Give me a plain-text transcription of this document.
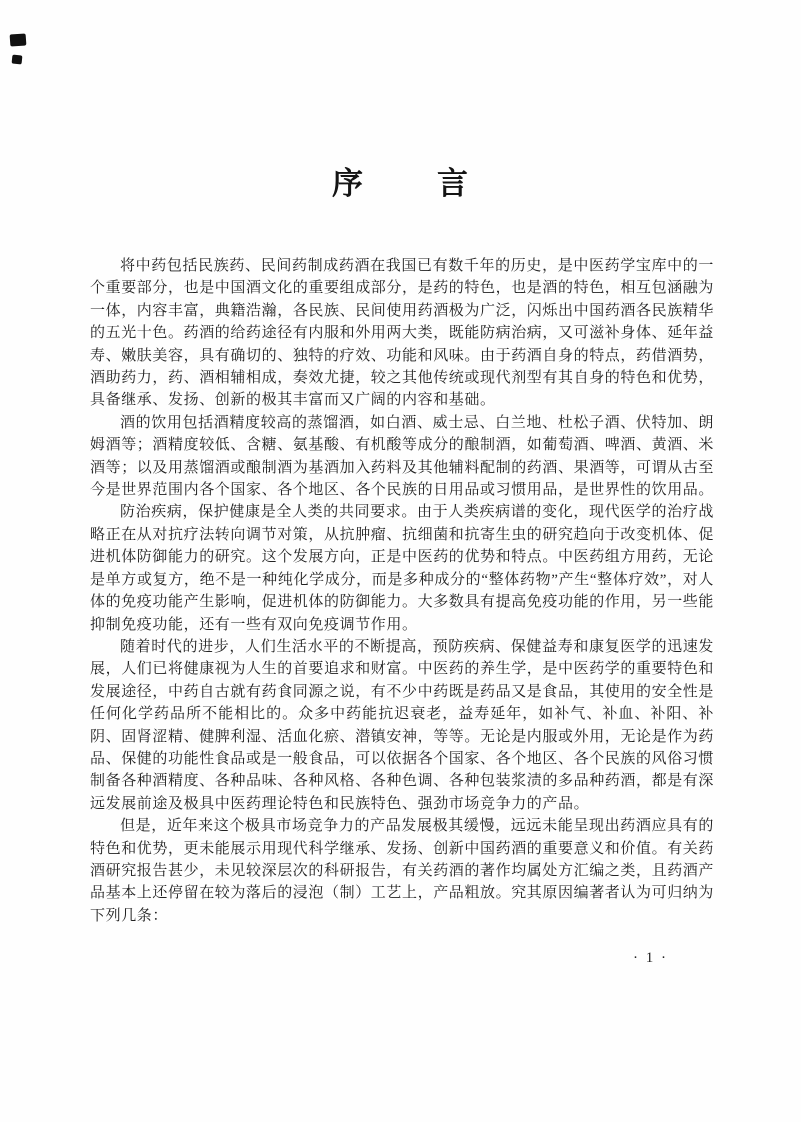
序　　言

将中药包括民族药、民间药制成药酒在我国已有数千年的历史，是中医药学宝库中的一个重要部分，也是中国酒文化的重要组成部分，是药的特色，也是酒的特色，相互包涵融为一体，内容丰富，典籍浩瀚，各民族、民间使用药酒极为广泛，闪烁出中国药酒各民族精华的五光十色。药酒的给药途径有内服和外用两大类，既能防病治病，又可滋补身体、延年益寿、嫩肤美容，具有确切的、独特的疗效、功能和风味。由于药酒自身的特点，药借酒势，酒助药力，药、酒相辅相成，奏效尤捷，较之其他传统或现代剂型有其自身的特色和优势，具备继承、发扬、创新的极其丰富而又广阔的内容和基础。

酒的饮用包括酒精度较高的蒸馏酒，如白酒、威士忌、白兰地、杜松子酒、伏特加、朗姆酒等；酒精度较低、含糖、氨基酸、有机酸等成分的酿制酒，如葡萄酒、啤酒、黄酒、米酒等；以及用蒸馏酒或酿制酒为基酒加入药料及其他辅料配制的药酒、果酒等，可谓从古至今是世界范围内各个国家、各个地区、各个民族的日用品或习惯用品，是世界性的饮用品。

防治疾病，保护健康是全人类的共同要求。由于人类疾病谱的变化，现代医学的治疗战略正在从对抗疗法转向调节对策，从抗肿瘤、抗细菌和抗寄生虫的研究趋向于改变机体、促进机体防御能力的研究。这个发展方向，正是中医药的优势和特点。中医药组方用药，无论是单方或复方，绝不是一种纯化学成分，而是多种成分的“整体药物”产生“整体疗效”，对人体的免疫功能产生影响，促进机体的防御能力。大多数具有提高免疫功能的作用，另一些能抑制免疫功能，还有一些有双向免疫调节作用。

随着时代的进步，人们生活水平的不断提高，预防疾病、保健益寿和康复医学的迅速发展，人们已将健康视为人生的首要追求和财富。中医药的养生学，是中医药学的重要特色和发展途径，中药自古就有药食同源之说，有不少中药既是药品又是食品，其使用的安全性是任何化学药品所不能相比的。众多中药能抗迟衰老，益寿延年，如补气、补血、补阳、补阴、固肾涩精、健脾利湿、活血化瘀、潜镇安神，等等。无论是内服或外用，无论是作为药品、保健的功能性食品或是一般食品，可以依据各个国家、各个地区、各个民族的风俗习惯制备各种酒精度、各种品味、各种风格、各种色调、各种包装浆渍的多品种药酒，都是有深远发展前途及极具中医药理论特色和民族特色、强劲市场竞争力的产品。

但是，近年来这个极具市场竞争力的产品发展极其缓慢，远远未能呈现出药酒应具有的特色和优势，更未能展示用现代科学继承、发扬、创新中国药酒的重要意义和价值。有关药酒研究报告甚少，未见较深层次的科研报告，有关药酒的著作均属处方汇编之类，且药酒产品基本上还停留在较为落后的浸泡（制）工艺上，产品粗放。究其原因编著者认为可归纳为下列几条：

· 1 ·
